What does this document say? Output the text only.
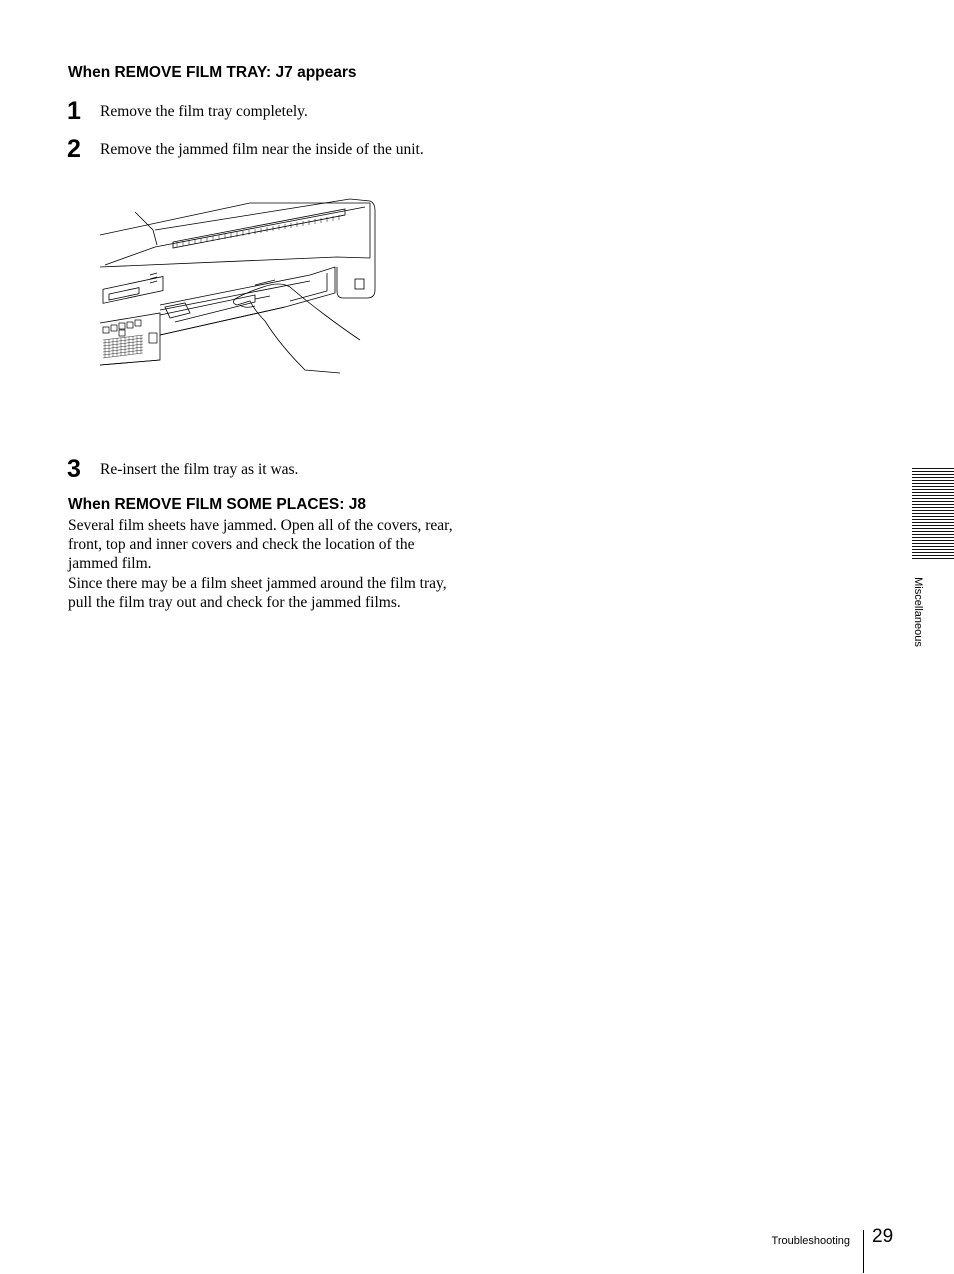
When REMOVE FILM TRAY: J7 appears
1 Remove the film tray completely.
2 Remove the jammed film near the inside of the unit.
3 Re-insert the film tray as it was.
When REMOVE FILM SOME PLACES: J8

Several film sheets have jammed. Open all of the covers, rear, front, top and inner covers and check the location of the jammed film.

Since there may be a film sheet jammed around the film tray, pull the film tray out and check for the jammed films.	Miscellaneous
Troubleshooting 29
